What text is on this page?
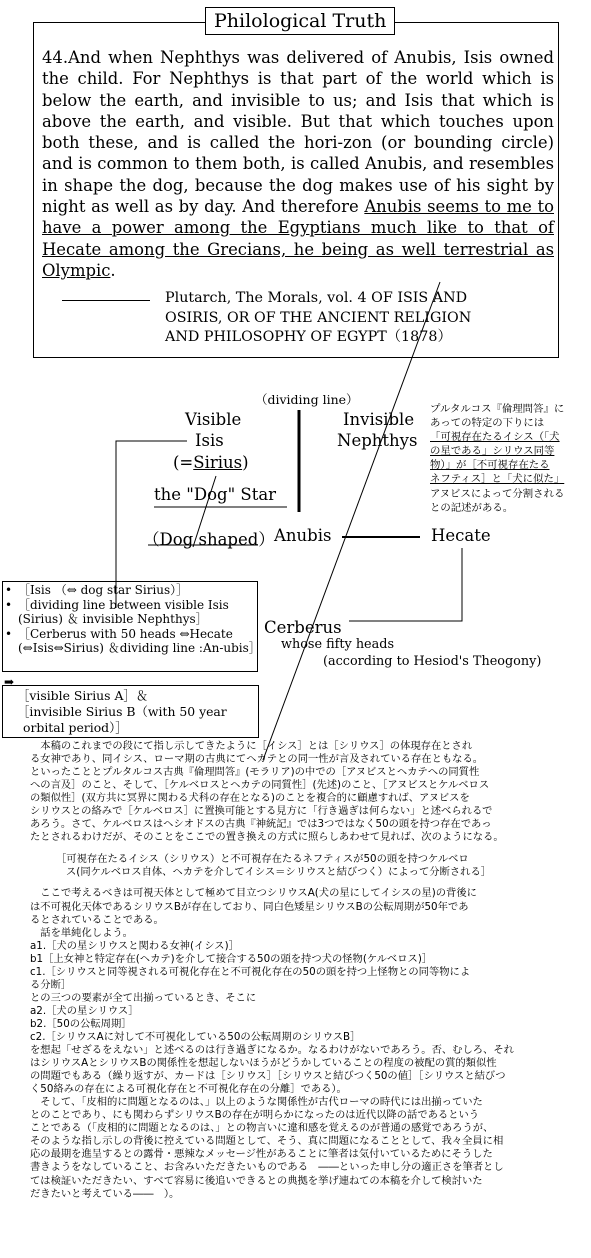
Philological Truth
44.And when Nephthys was delivered of Anubis, Isis owned the child. For Nephthys is that part of the world which is below the earth, and invisible to us; and Isis that which is above the earth, and visible. But that which touches upon both these, and is called the hori-zon (or bounding circle) and is common to them both, is called Anubis, and resembles in shape the dog, because the dog makes use of his sight by night as well as by day. And therefore Anubis seems to me to have a power among the Egyptians much like to that of Hecate among the Grecians, he being as well terrestrial as Olympic.
Plutarch, The Morals, vol. 4 OF ISIS AND
OSIRIS, OR OF THE ANCIENT RELIGION
AND PHILOSOPHY OF EGYPT（1878）
（dividing line）
Visible
Isis
(=Sirius)
the "Dog" Star
（Dog shaped） Anubis	Hecate
Invisible
Nephthys
Cerberus
whose fifty heads
(according to Hesiod's Theogony)
プルタルコス『倫理問答』に
あっての特定の下りには
「可視存在たるイシス（「犬
の星である」シリウス同等
物）」が［不可視存在たる
ネフティス］と「犬に似た」
アヌビスによって分割される
との記述がある。
• ［Isis （⇔ dog star Sirius）］
• ［dividing line between visible Isis (Sirius) ＆ invisible Nephthys］
• ［Cerberus with 50 heads ⇔Hecate (⇔Isis⇔Sirius) ＆dividing line :An-ubis］
➡
［visible Sirius A］＆
［invisible Sirius B（with 50 year
orbital period）］

　本稿のこれまでの段にて指し示してきたように［イシス］とは［シリウス］の体現存在とされ
る女神であり、同イシス、ローマ期の古典にてヘカテとの同一性が言及されている存在ともなる。
といったこととプルタルコス古典『倫理問答』(モラリア)の中での［アヌビスとヘカテへの同質性
への言及］のこと、そして、［ケルベロスとヘカテの同質性］(先述)のこと、［アヌビスとケルベロス
の類似性］(双方共に冥界に関わる犬科の存在となる)のことを複合的に顧慮すれば、アヌビスを
シリウスとの絡みで［ケルベロス］に置換可能とする見方に「行き過ぎは何らない」と述べられるで
あろう。さて、ケルベロスはヘシオドスの古典『神統記』では3つではなく50の頭を持つ存在であっ
たとされるわけだが、そのことをここでの置き換えの方式に照らしあわせて見れば、次のようになる。

［可視存在たるイシス（シリウス）と不可視存在たるネフティスが50の頭を持つケルベロ
ス(同ケルベロス自体、ヘカテを介してイシス＝シリウスと結びつく）によって分断される］

　ここで考えるべきは可視天体として極めて目立つシリウスA(犬の星にしてイシスの星)の背後に
は不可視化天体であるシリウスBが存在しており、同白色矮星シリウスBの公転周期が50年であ
るとされていることである。
　話を単純化しよう。
a1.［犬の星シリウスと関わる女神(イシス)］
b1［上女神と特定存在(ヘカテ)を介して接合する50の頭を持つ犬の怪物(ケルベロス)］
c1.［シリウスと同等視される可視化存在と不可視化存在の50の頭を持つ上怪物との同等物によ
る分断］
との三つの要素が全て出揃っているとき、そこに
a2.［犬の星シリウス］
b2.［50の公転周期］
c2.［シリウスAに対して不可視化している50の公転周期のシリウスB］
を想起「せざるをえない」と述べるのは行き過ぎになるか。なるわけがないであろう。否、むしろ、それ
はシリウスAとシリウスBの関係性を想起しないほうがどうかしていることの程度の被配の賞的類似性
の問題でもある（繰り返すが、カードは［シリウス］［シリウスと結びつく50の値］［シリウスと結びつ
く50絡みの存在による可視化存在と不可視化存在の分離］である）。

　そして、「皮相的に問題となるのは、」以上のような関係性が古代ローマの時代には出揃っていた
とのことであり、にも関わらずシリウスBの存在が明らかになったのは近代以降の話であるという
ことである（「皮相的に問題となるのは、」との物言いに違和感を覚えるのが普通の感覚であろうが、
そのような指し示しの背後に控えている問題として、そう、真に問題になることとして、我々全員に相
応の最期を進呈するとの露骨・悪辣なメッセージ性があることに筆者は気付いているためにそうした
書きようをなしていること、お含みいただきたいものである　――といった申し分の適正さを筆者とし
ては検証いただきたい、すべて容易に後追いできるとの典拠を挙げ連ねての本稿を介して検討いた
だきたいと考えている――　）。
